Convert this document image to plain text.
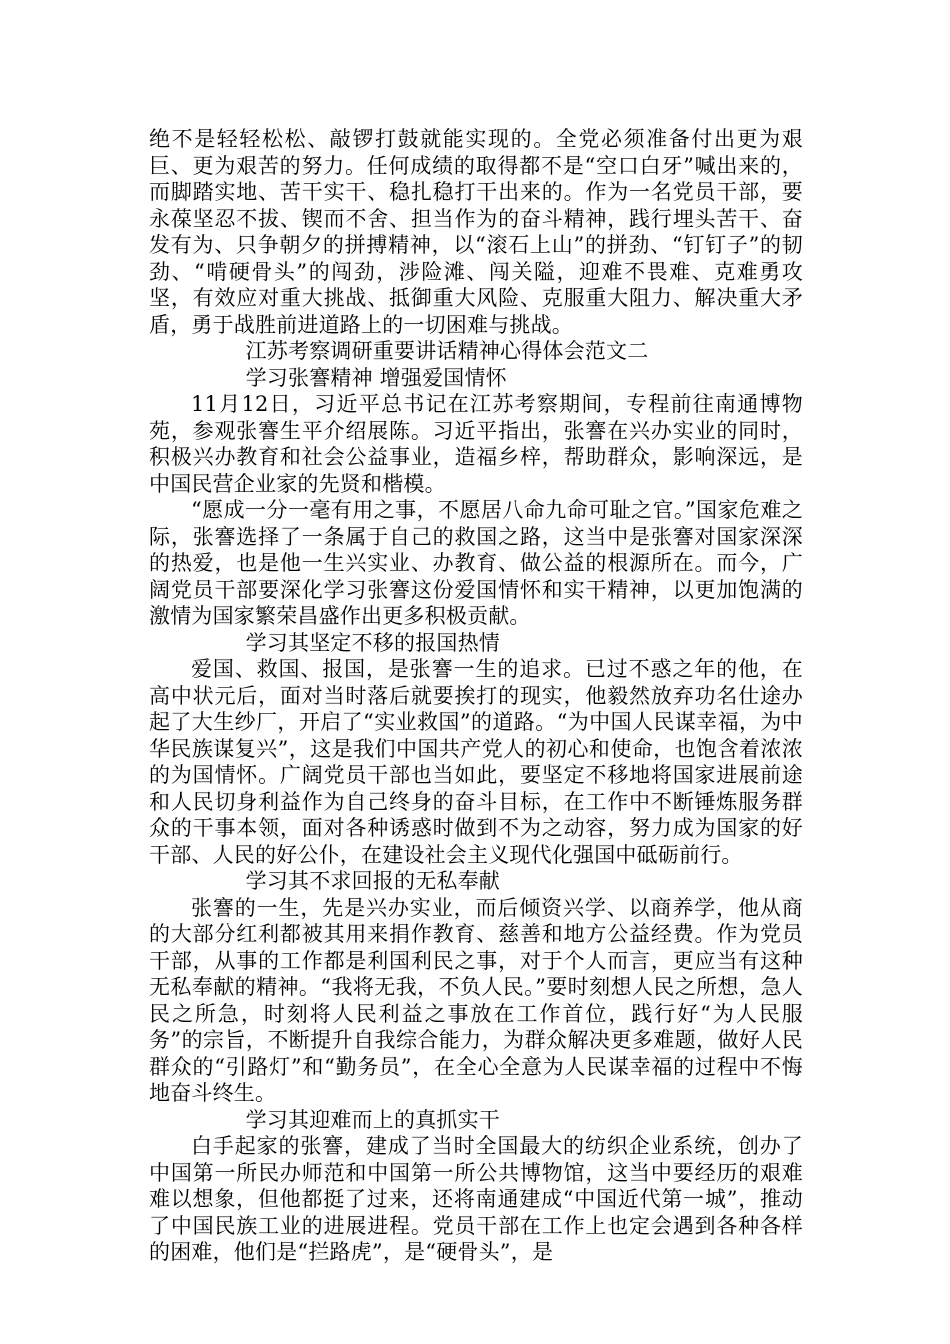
绝不是轻轻松松、敲锣打鼓就能实现的。全党必须准备付出更为艰巨、更为艰苦的努力。任何成绩的取得都不是“空口白牙”喊出来的，而脚踏实地、苦干实干、稳扎稳打干出来的。作为一名党员干部，要永葆坚忍不拔、锲而不舍、担当作为的奋斗精神，践行埋头苦干、奋发有为、只争朝夕的拼搏精神，以“滚石上山”的拼劲、“钉钉子”的韧劲、“啃硬骨头”的闯劲，涉险滩、闯关隘，迎难不畏难、克难勇攻坚，有效应对重大挑战、抵御重大风险、克服重大阻力、解决重大矛盾，勇于战胜前进道路上的一切困难与挑战。

江苏考察调研重要讲话精神心得体会范文二

学习张謇精神 增强爱国情怀

11月12日，习近平总书记在江苏考察期间，专程前往南通博物苑，参观张謇生平介绍展陈。习近平指出，张謇在兴办实业的同时，积极兴办教育和社会公益事业，造福乡梓，帮助群众，影响深远，是中国民营企业家的先贤和楷模。

“愿成一分一毫有用之事，不愿居八命九命可耻之官。”国家危难之际，张謇选择了一条属于自己的救国之路，这当中是张謇对国家深深的热爱，也是他一生兴实业、办教育、做公益的根源所在。而今，广阔党员干部要深化学习张謇这份爱国情怀和实干精神，以更加饱满的激情为国家繁荣昌盛作出更多积极贡献。

学习其坚定不移的报国热情

爱国、救国、报国，是张謇一生的追求。已过不惑之年的他，在高中状元后，面对当时落后就要挨打的现实，他毅然放弃功名仕途办起了大生纱厂，开启了“实业救国”的道路。“为中国人民谋幸福，为中华民族谋复兴”，这是我们中国共产党人的初心和使命，也饱含着浓浓的为国情怀。广阔党员干部也当如此，要坚定不移地将国家进展前途和人民切身利益作为自己终身的奋斗目标，在工作中不断锤炼服务群众的干事本领，面对各种诱惑时做到不为之动容，努力成为国家的好干部、人民的好公仆，在建设社会主义现代化强国中砥砺前行。

学习其不求回报的无私奉献

张謇的一生，先是兴办实业，而后倾资兴学、以商养学，他从商的大部分红利都被其用来捐作教育、慈善和地方公益经费。作为党员干部，从事的工作都是利国利民之事，对于个人而言，更应当有这种无私奉献的精神。“我将无我，不负人民。”要时刻想人民之所想，急人民之所急，时刻将人民利益之事放在工作首位，践行好“为人民服务”的宗旨，不断提升自我综合能力，为群众解决更多难题，做好人民群众的“引路灯”和“勤务员”，在全心全意为人民谋幸福的过程中不悔地奋斗终生。

学习其迎难而上的真抓实干

白手起家的张謇，建成了当时全国最大的纺织企业系统，创办了中国第一所民办师范和中国第一所公共博物馆，这当中要经历的艰难难以想象，但他都挺了过来，还将南通建成“中国近代第一城”，推动了中国民族工业的进展进程。党员干部在工作上也定会遇到各种各样的困难，他们是“拦路虎”，是“硬骨头”，是
